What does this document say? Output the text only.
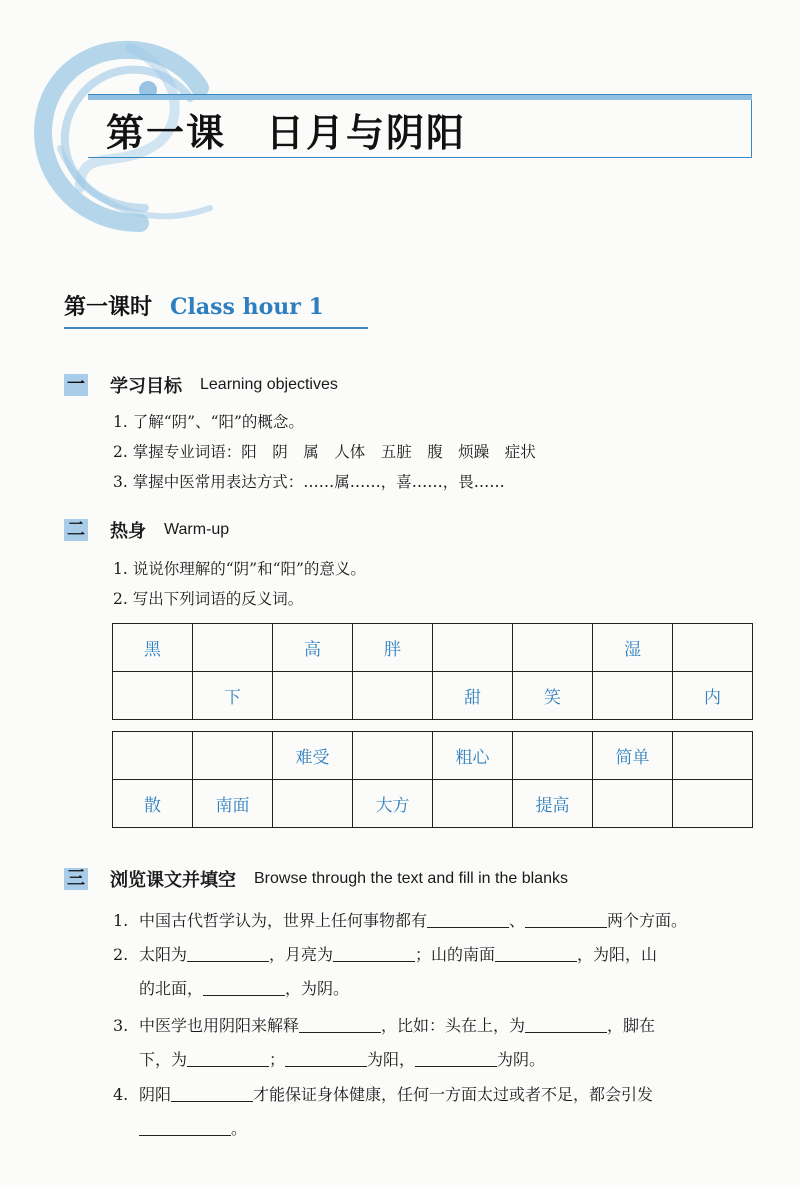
第一课　日月与阴阳
第一课时 Class hour 1
一 学习目标 Learning objectives
1. 了解“阴”、“阳”的概念。
2. 掌握专业词语：阳　阴　属　人体　五脏　腹　烦躁　症状
3. 掌握中医常用表达方式：……属……，喜……，畏……
二 热身 Warm-up
1. 说说你理解的“阴”和“阳”的意义。
2. 写出下列词语的反义词。
黑		高	胖			湿	
	下			甜	笑		内
		难受		粗心		简单	
散	南面		大方		提高		
三 浏览课文并填空 Browse through the text and fill in the blanks
1. 中国古代哲学认为，世界上任何事物都有	、	两个方面。
2. 太阳为	，月亮为	；山的南面	，为阳，山
的北面，	，为阴。
3. 中医学也用阴阳来解释	，比如：头在上，为	，脚在
下，为	；	为阳，	为阴。
4. 阴阳	才能保证身体健康，任何一方面太过或者不足，都会引发
。
